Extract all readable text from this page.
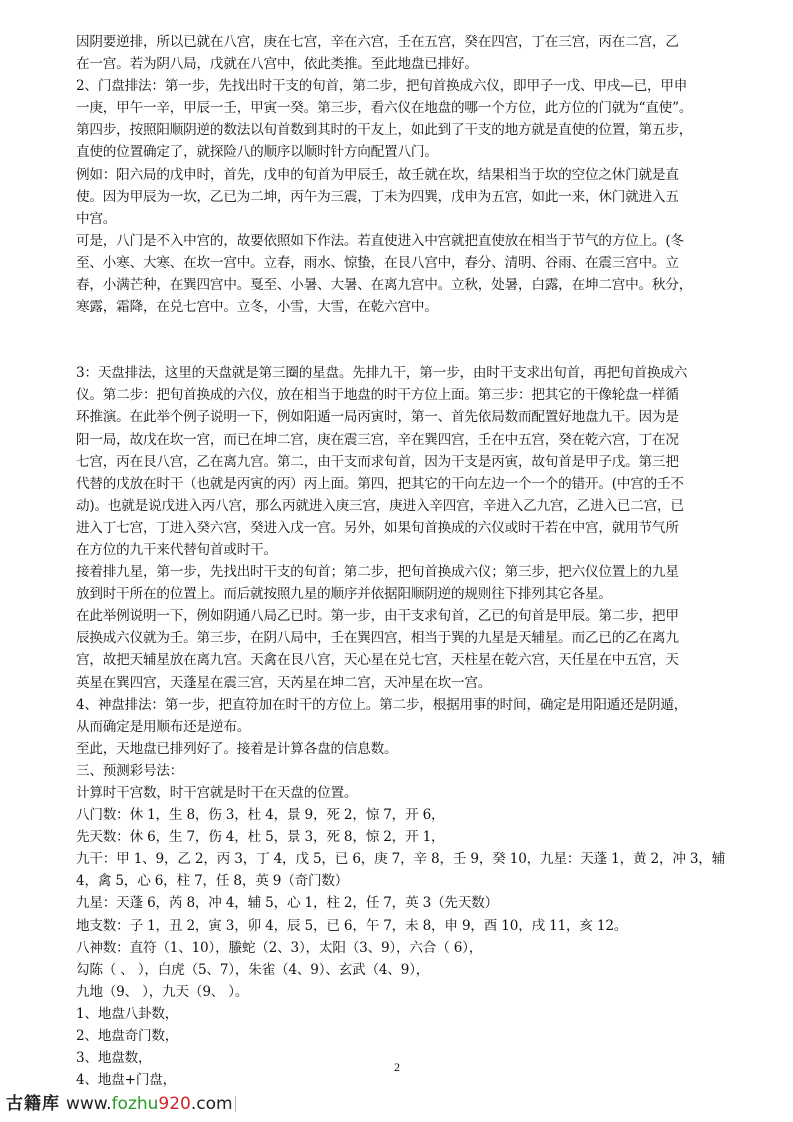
因阴要逆排，所以已就在八宫，庚在七宫，辛在六宫，壬在五宫，癸在四宫，丁在三宫，丙在二宫，乙
在一宫。若为阴八局，戊就在八宫中，依此类推。至此地盘已排好。
2、门盘排法：第一步，先找出时干支的旬首，第二步，把旬首换成六仪，即甲子一戊、甲戌—已，甲申
一庚，甲午一辛，甲辰一壬，甲寅一癸。第三步，看六仪在地盘的哪一个方位，此方位的门就为“直使”。
第四步，按照阳顺阴逆的数法以旬首数到其时的干友上，如此到了干支的地方就是直使的位置，第五步，
直使的位置确定了，就探险八的顺序以顺时针方向配置八门。
例如：阳六局的戊申时，首先，戊申的旬首为甲辰壬，故壬就在坎，结果相当于坎的空位之休门就是直
使。因为甲辰为一坎，乙已为二坤，丙午为三震，丁未为四巽，戊申为五宫，如此一来，休门就进入五
中宫。
可是，八门是不入中宫的，故要依照如下作法。若直使进入中宫就把直使放在相当于节气的方位上。(冬
至、小寒、大寒、在坎一宫中。立春，雨水、惊蛰，在艮八宫中，春分、清明、谷雨、在震三宫中。立
春，小满芒种，在巽四宫中。戛至、小暑、大暑、在离九宫中。立秋，处暑，白露，在坤二宫中。秋分，
寒露，霜降，在兑七宫中。立冬，小雪，大雪，在乾六宫中。
3：天盘排法，这里的天盘就是第三圈的星盘。先排九干，第一步，由时干支求出旬首，再把旬首换成六
仪。第二步：把旬首换成的六仪，放在相当于地盘的时干方位上面。第三步：把其它的干像轮盘一样循
环推演。在此举个例子说明一下，例如阳遁一局丙寅时，第一、首先依局数而配置好地盘九干。因为是
阳一局，故戊在坎一宫，而已在坤二宫，庚在震三宫，辛在巽四宫，壬在中五宫，癸在乾六宫，丁在况
七宫，丙在艮八宫，乙在离九宫。第二，由干支而求旬首，因为干支是丙寅，故旬首是甲子戊。第三把
代替的戊放在时干（也就是丙寅的丙）丙上面。第四，把其它的干向左边一个一个的错开。(中宫的壬不
动)。也就是说戊进入丙八宫，那么丙就进入庚三宫，庚进入辛四宫，辛进入乙九宫，乙进入已二宫，已
进入丁七宫，丁进入癸六宫，癸进入戊一宫。另外，如果旬首换成的六仪或时干若在中宫，就用节气所
在方位的九干来代替旬首或时干。
接着排九星，第一步，先找出时干支的旬首；第二步，把旬首换成六仪；第三步，把六仪位置上的九星
放到时干所在的位置上。而后就按照九星的顺序并依据阳顺阴逆的规则往下排列其它各星。
在此举例说明一下，例如阴通八局乙已时。第一步，由干支求旬首，乙已的旬首是甲辰。第二步，把甲
辰换成六仪就为壬。第三步，在阴八局中，壬在巽四宫，相当于巽的九星是天辅星。而乙已的乙在离九
宫，故把天辅星放在离九宫。天禽在艮八宫，天心星在兑七宫，天柱星在乾六宫，天任星在中五宫，天
英星在巽四宫，天蓬星在震三宫，天芮星在坤二宫，天冲星在坎一宫。
4、神盘排法：第一步，把直符加在时干的方位上。第二步，根据用事的时间，确定是用阳遁还是阴遁，
从而确定是用顺布还是逆布。
至此，天地盘已排列好了。接着是计算各盘的信息数。
三、预测彩号法：
计算时干宫数，时干宫就是时干在天盘的位置。
八门数：休 1，生 8，伤 3，杜 4，景 9，死 2，惊 7，开 6，
先天数：休 6，生 7，伤 4，杜 5，景 3，死 8，惊 2，开 1，
九干：甲 1、9，乙 2，丙 3，丁 4，戊 5，已 6，庚 7，辛 8，壬 9，癸 10，九星：天蓬 1，黄 2，冲 3，辅
4，禽 5，心 6，柱 7，任 8，英 9（奇门数）
九星：天蓬 6，芮 8，冲 4，辅 5，心 1，柱 2，任 7，英 3（先天数）
地支数：子 1，丑 2，寅 3，卯 4，辰 5，已 6，午 7，未 8，申 9，酉 10，戌 11，亥 12。
八神数：直符（1、10），螣蛇（2、3），太阳（3、9），六合（ 6），
勾陈（ 、 ），白虎（5、7），朱雀（4、9）、玄武（4、9），
九地（9、 ），九天（9、 ）。
1、地盘八卦数，
2、地盘奇门数，
3、地盘数，
4、地盘+门盘，
2
古籍库 www.fozhu920.com
